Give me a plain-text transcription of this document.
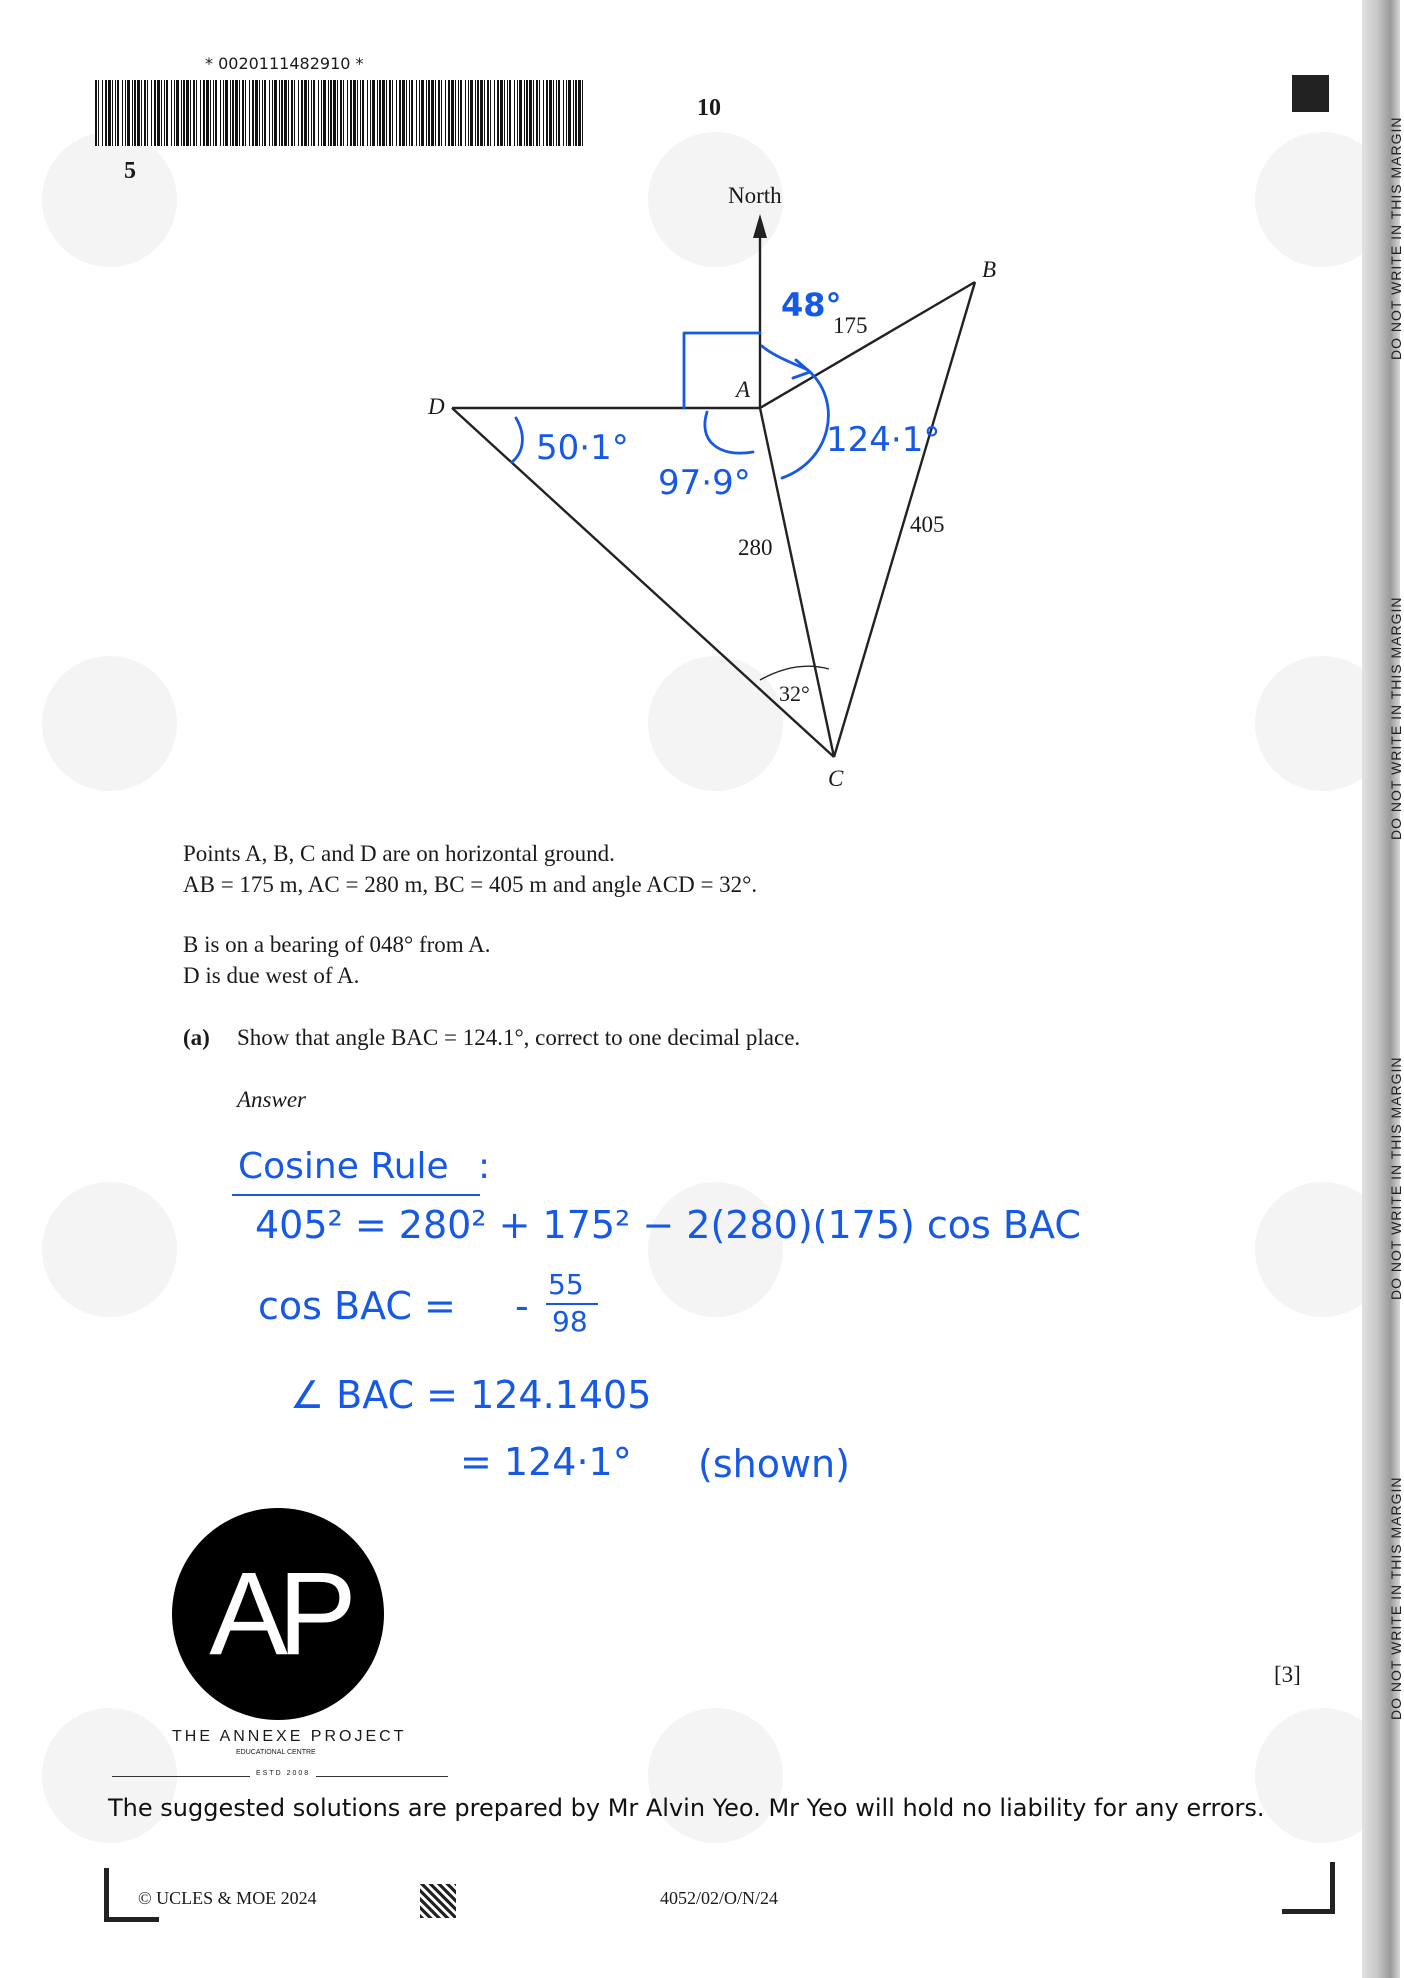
DO NOT WRITE IN THIS MARGIN
DO NOT WRITE IN THIS MARGIN
DO NOT WRITE IN THIS MARGIN
DO NOT WRITE IN THIS MARGIN
* 0020111482910 *
10
5
North
B
A
D
C
175
280
405
32°
48°
50·1°
97·9°
124·1°
Points A, B, C and D are on horizontal ground.
AB = 175 m, AC = 280 m, BC = 405 m and angle ACD = 32°.
B is on a bearing of 048° from A.
D is due west of A.
(a) Show that angle BAC = 124.1°, correct to one decimal place.
Answer
Cosine Rule :
405² = 280² + 175² − 2(280)(175) cos BAC
cos BAC = - 55
98
∠ BAC = 124.1405
= 124·1° (shown)
AP
THE ANNEXE PROJECT
EDUCATIONAL CENTRE
ESTD 2008
The suggested solutions are prepared by Mr Alvin Yeo. Mr Yeo will hold no liability for any errors.
[3]
© UCLES & MOE 2024	4052/02/O/N/24
